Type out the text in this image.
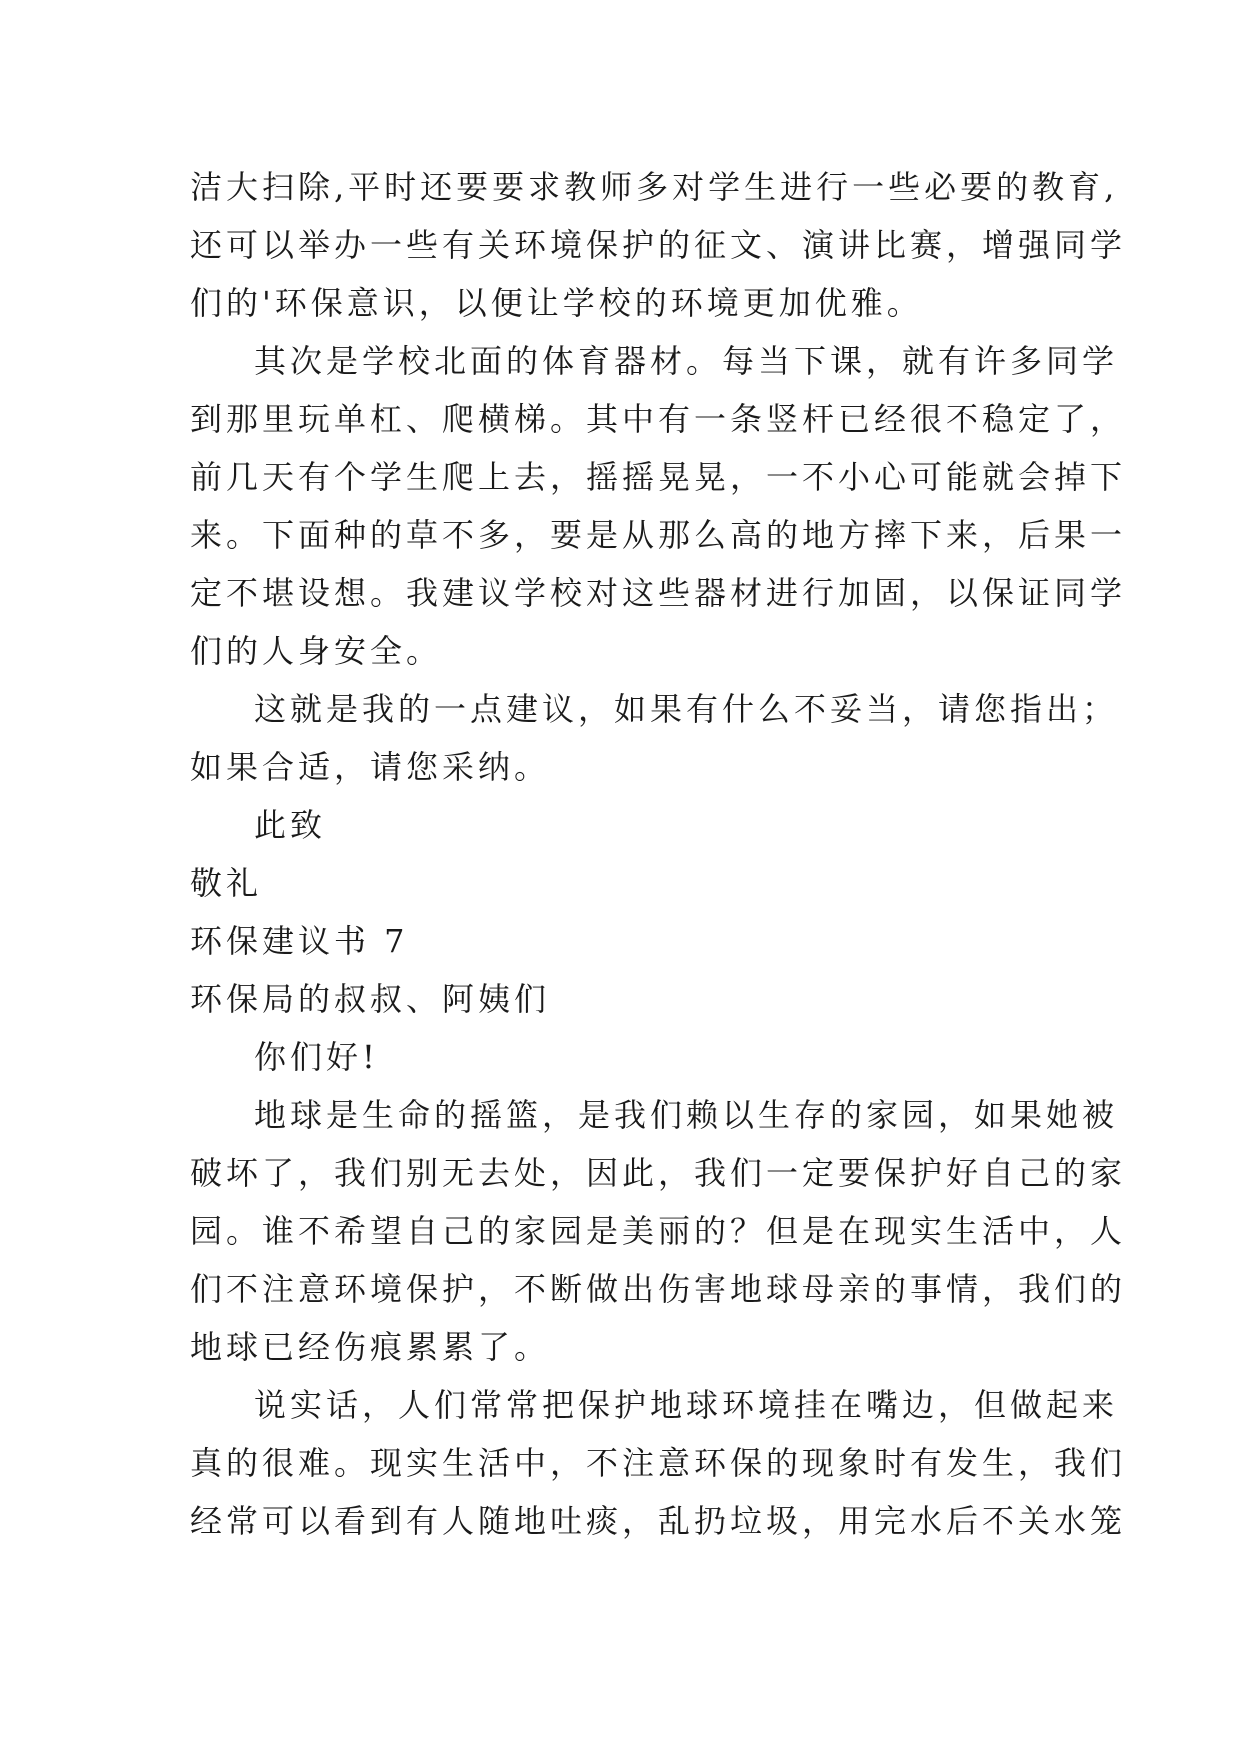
洁大扫除,平时还要要求教师多对学生进行一些必要的教育,
还可以举办一些有关环境保护的征文、演讲比赛，增强同学
们的'环保意识，以便让学校的环境更加优雅。
其次是学校北面的体育器材。每当下课，就有许多同学
到那里玩单杠、爬横梯。其中有一条竖杆已经很不稳定了，
前几天有个学生爬上去，摇摇晃晃，一不小心可能就会掉下
来。下面种的草不多，要是从那么高的地方摔下来，后果一
定不堪设想。我建议学校对这些器材进行加固，以保证同学
们的人身安全。
这就是我的一点建议，如果有什么不妥当，请您指出；
如果合适，请您采纳。
此致
敬礼
环保建议书 7
环保局的叔叔、阿姨们
你们好!
地球是生命的摇篮，是我们赖以生存的家园，如果她被
破坏了，我们别无去处，因此，我们一定要保护好自己的家
园。谁不希望自己的家园是美丽的？但是在现实生活中，人
们不注意环境保护，不断做出伤害地球母亲的事情，我们的
地球已经伤痕累累了。
说实话，人们常常把保护地球环境挂在嘴边，但做起来
真的很难。现实生活中，不注意环保的现象时有发生，我们
经常可以看到有人随地吐痰，乱扔垃圾，用完水后不关水笼
